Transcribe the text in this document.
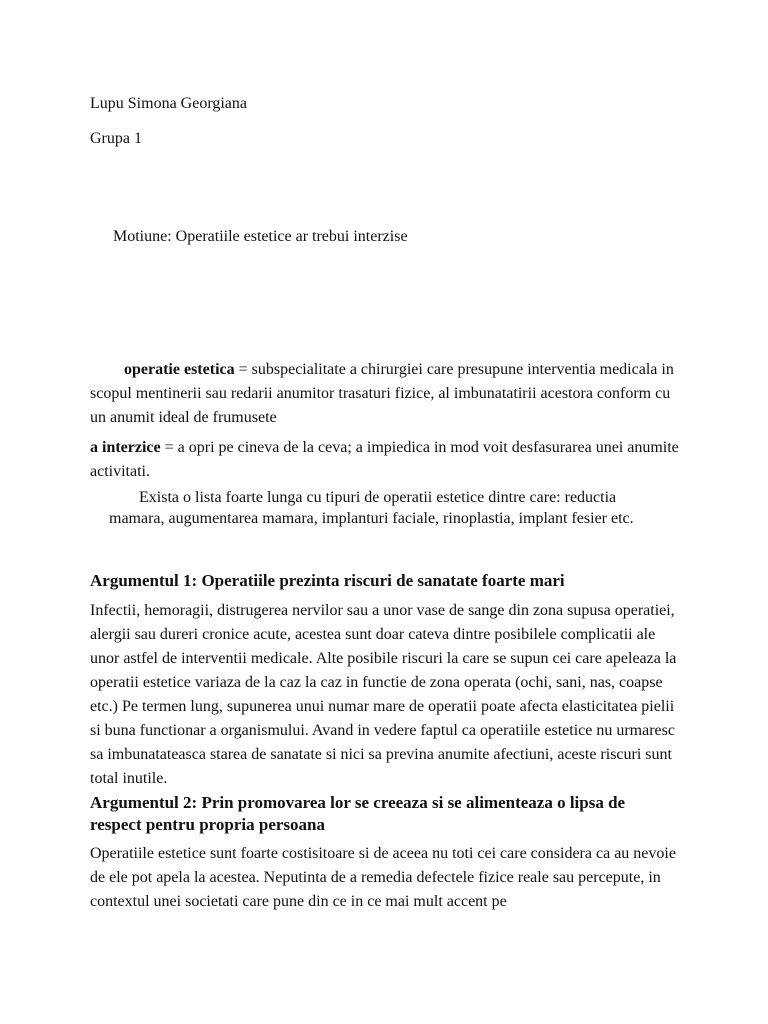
Lupu Simona Georgiana
Grupa 1
Motiune: Operatiile estetice ar trebui interzise

operatie estetica = subspecialitate a chirurgiei care presupune interventia medicala in scopul mentinerii sau redarii anumitor trasaturi fizice, al imbunatatirii acestora conform cu un anumit ideal de frumusete

a interzice = a opri pe cineva de la ceva; a impiedica in mod voit desfasurarea unei anumite activitati.

Exista o lista foarte lunga cu tipuri de operatii estetice dintre care: reductia mamara, augumentarea mamara, implanturi faciale, rinoplastia, implant fesier etc.

Argumentul 1: Operatiile prezinta riscuri de sanatate foarte mari

Infectii, hemoragii, distrugerea nervilor sau a unor vase de sange din zona supusa operatiei, alergii sau dureri cronice acute, acestea sunt doar cateva dintre posibilele complicatii ale unor astfel de interventii medicale. Alte posibile riscuri la care se supun cei care apeleaza la operatii estetice variaza de la caz la caz in functie de zona operata (ochi, sani, nas, coapse etc.) Pe termen lung, supunerea unui numar mare de operatii poate afecta elasticitatea pielii si buna functionar a organismului. Avand in vedere faptul ca operatiile estetice nu urmaresc sa imbunatateasca starea de sanatate si nici sa previna anumite afectiuni, aceste riscuri sunt total inutile.

Argumentul 2: Prin promovarea lor se creeaza si se alimenteaza o lipsa de respect pentru propria persoana

Operatiile estetice sunt foarte costisitoare si de aceea nu toti cei care considera ca au nevoie de ele pot apela la acestea. Neputinta de a remedia defectele fizice reale sau percepute, in contextul unei societati care pune din ce in ce mai mult accent pe
